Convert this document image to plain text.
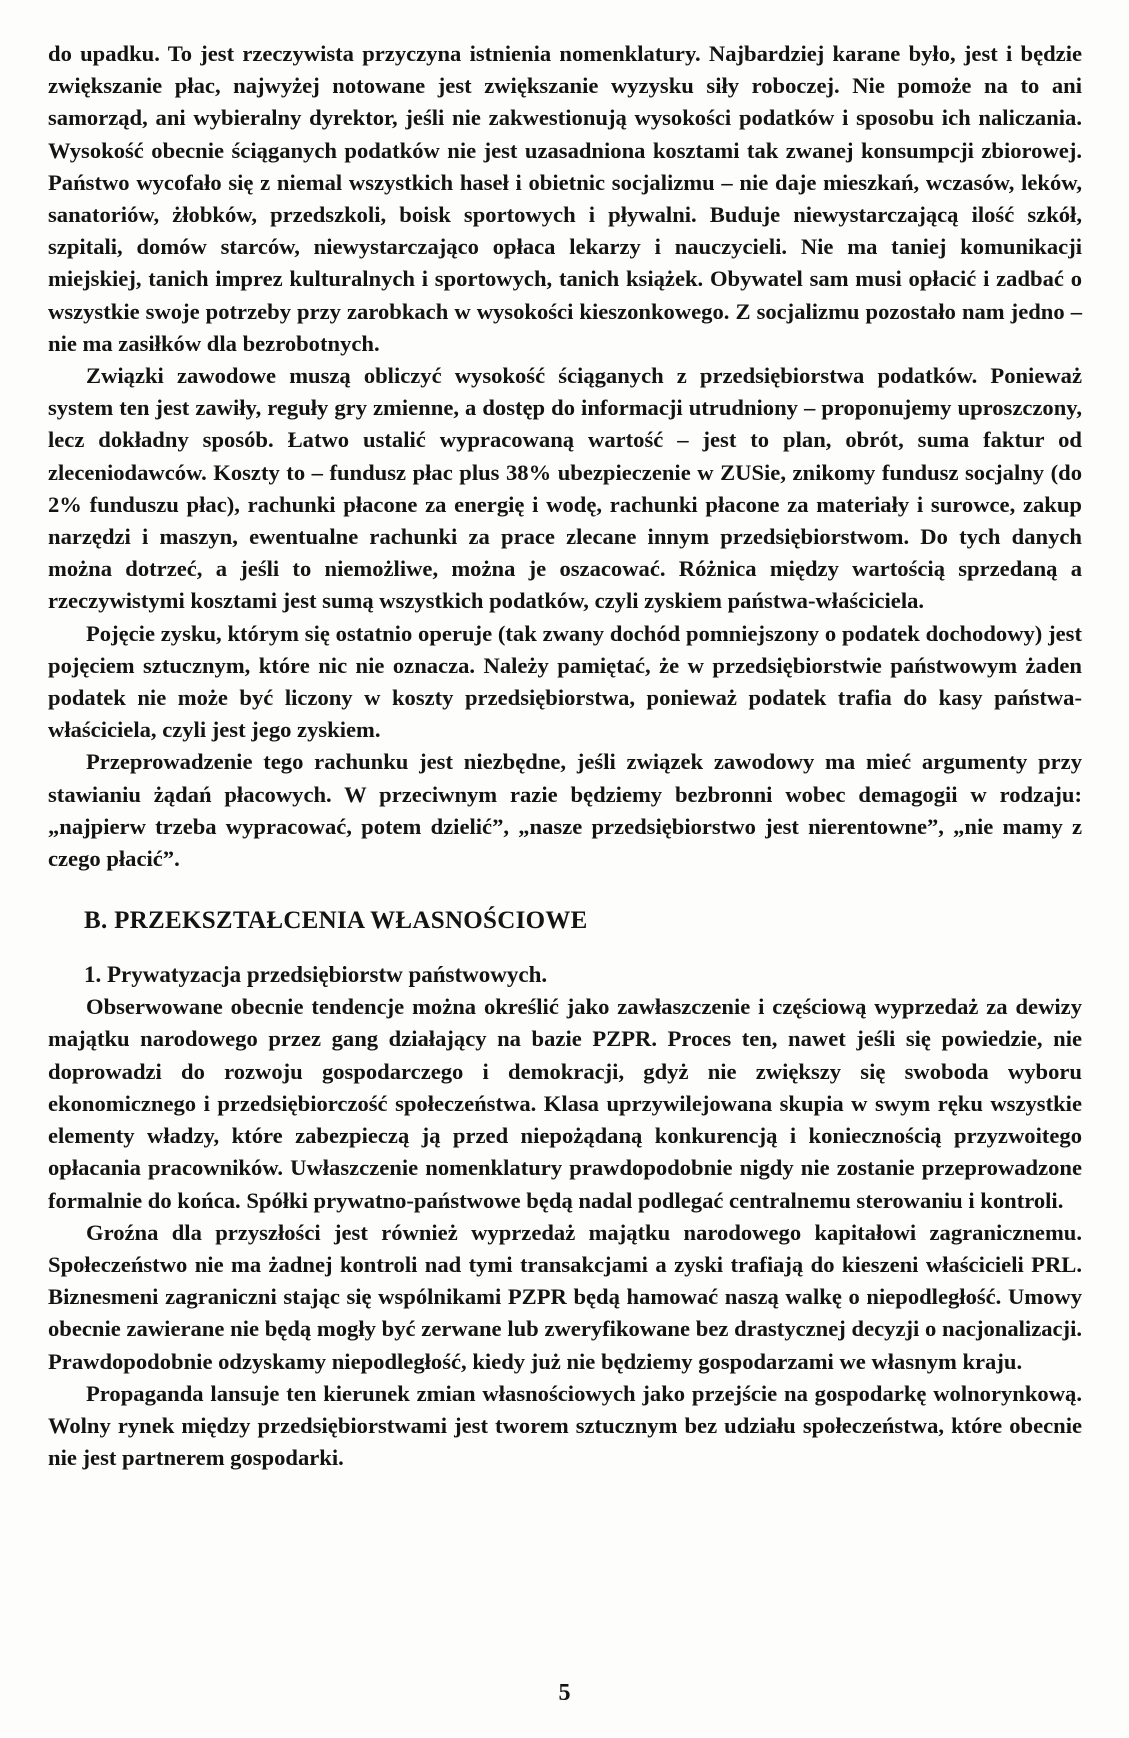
do upadku. To jest rzeczywista przyczyna istnienia nomenklatury. Najbardziej karane było, jest i będzie zwiększanie płac, najwyżej notowane jest zwiększanie wyzysku siły roboczej. Nie pomoże na to ani samorząd, ani wybieralny dyrektor, jeśli nie zakwestionują wysokości podatków i sposobu ich naliczania. Wysokość obecnie ściąganych podatków nie jest uzasadniona kosztami tak zwanej konsumpcji zbiorowej. Państwo wycofało się z niemal wszystkich haseł i obietnic socjalizmu – nie daje mieszkań, wczasów, leków, sanatoriów, żłobków, przedszkoli, boisk sportowych i pływalni. Buduje niewystarczającą ilość szkół, szpitali, domów starców, niewystarczająco opłaca lekarzy i nauczycieli. Nie ma taniej komunikacji miejskiej, tanich imprez kulturalnych i sportowych, tanich książek. Obywatel sam musi opłacić i zadbać o wszystkie swoje potrzeby przy zarobkach w wysokości kieszonkowego. Z socjalizmu pozostało nam jedno – nie ma zasiłków dla bezrobotnych.

Związki zawodowe muszą obliczyć wysokość ściąganych z przedsiębiorstwa podatków. Ponieważ system ten jest zawiły, reguły gry zmienne, a dostęp do informacji utrudniony – proponujemy uproszczony, lecz dokładny sposób. Łatwo ustalić wypracowaną wartość – jest to plan, obrót, suma faktur od zleceniodawców. Koszty to – fundusz płac plus 38% ubezpieczenie w ZUSie, znikomy fundusz socjalny (do 2% funduszu płac), rachunki płacone za energię i wodę, rachunki płacone za materiały i surowce, zakup narzędzi i maszyn, ewentualne rachunki za prace zlecane innym przedsiębiorstwom. Do tych danych można dotrzeć, a jeśli to niemożliwe, można je oszacować. Różnica między wartością sprzedaną a rzeczywistymi kosztami jest sumą wszystkich podatków, czyli zyskiem państwa-właściciela.

Pojęcie zysku, którym się ostatnio operuje (tak zwany dochód pomniejszony o podatek dochodowy) jest pojęciem sztucznym, które nic nie oznacza. Należy pamiętać, że w przedsiębiorstwie państwowym żaden podatek nie może być liczony w koszty przedsiębiorstwa, ponieważ podatek trafia do kasy państwa-właściciela, czyli jest jego zyskiem.

Przeprowadzenie tego rachunku jest niezbędne, jeśli związek zawodowy ma mieć argumenty przy stawianiu żądań płacowych. W przeciwnym razie będziemy bezbronni wobec demagogii w rodzaju: „najpierw trzeba wypracować, potem dzielić”, „nasze przedsiębiorstwo jest nierentowne”, „nie mamy z czego płacić”.

B. PRZEKSZTAŁCENIA WŁASNOŚCIOWE
1. Prywatyzacja przedsiębiorstw państwowych.

Obserwowane obecnie tendencje można określić jako zawłaszczenie i częściową wyprzedaż za dewizy majątku narodowego przez gang działający na bazie PZPR. Proces ten, nawet jeśli się powiedzie, nie doprowadzi do rozwoju gospodarczego i demokracji, gdyż nie zwiększy się swoboda wyboru ekonomicznego i przedsiębiorczość społeczeństwa. Klasa uprzywilejowana skupia w swym ręku wszystkie elementy władzy, które zabezpieczą ją przed niepożądaną konkurencją i koniecznością przyzwoitego opłacania pracowników. Uwłaszczenie nomenklatury prawdopodobnie nigdy nie zostanie przeprowadzone formalnie do końca. Spółki prywatno-państwowe będą nadal podlegać centralnemu sterowaniu i kontroli.

Groźna dla przyszłości jest również wyprzedaż majątku narodowego kapitałowi zagranicznemu. Społeczeństwo nie ma żadnej kontroli nad tymi transakcjami a zyski trafiają do kieszeni właścicieli PRL. Biznesmeni zagraniczni stając się wspólnikami PZPR będą hamować naszą walkę o niepodległość. Umowy obecnie zawierane nie będą mogły być zerwane lub zweryfikowane bez drastycznej decyzji o nacjonalizacji. Prawdopodobnie odzyskamy niepodległość, kiedy już nie będziemy gospodarzami we własnym kraju.

Propaganda lansuje ten kierunek zmian własnościowych jako przejście na gospodarkę wolnorynkową. Wolny rynek między przedsiębiorstwami jest tworem sztucznym bez udziału społeczeństwa, które obecnie nie jest partnerem gospodarki.

5
